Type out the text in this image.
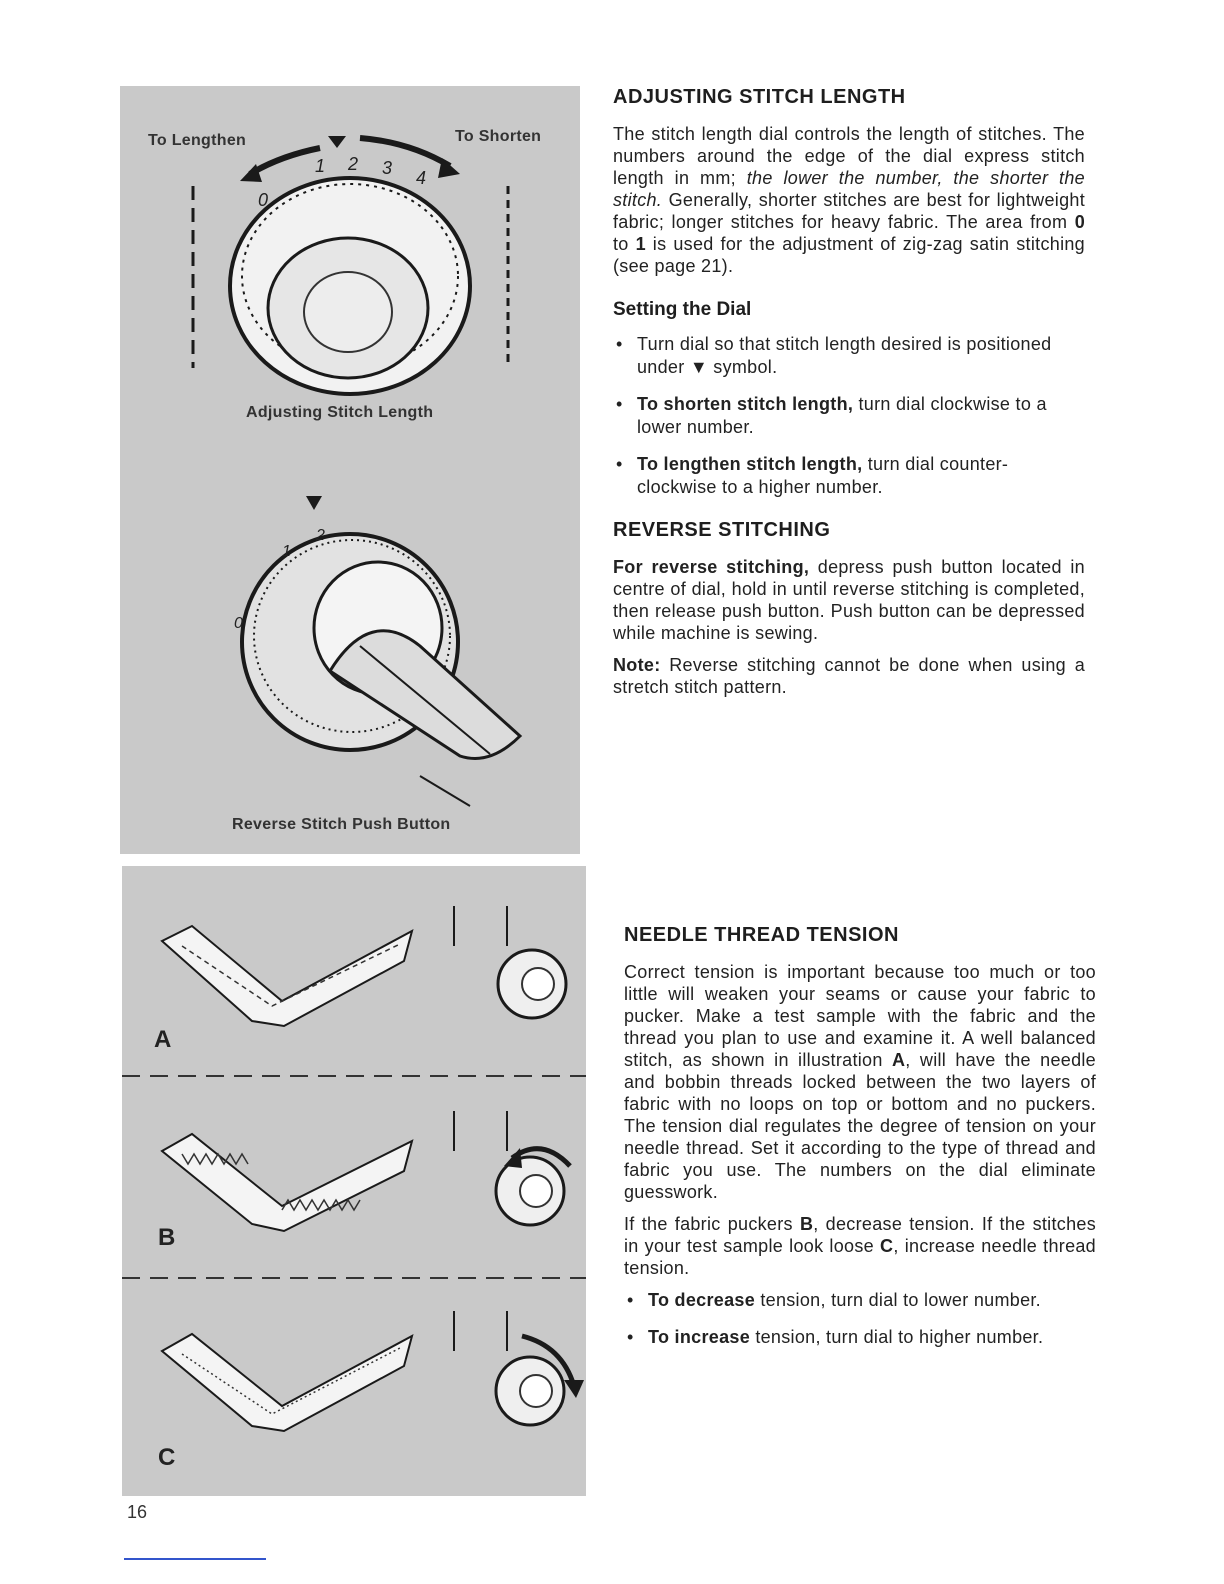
1 2 3 4
0
2
1
0
To Lengthen	To Shorten
Adjusting Stitch Length
Reverse Stitch Push Button
A
B
C
ADJUSTING STITCH LENGTH

The stitch length dial controls the length of stitches. The numbers around the edge of the dial express stitch length in mm; the lower the number, the shorter the stitch. Generally, shorter stitches are best for lightweight fabric; longer stitches for heavy fabric. The area from 0 to 1 is used for the adjustment of zig-zag satin stitching (see page 21).

Setting the Dial
• Turn dial so that stitch length desired is positioned under ▼ symbol.
• To shorten stitch length, turn dial clockwise to a lower number.
• To lengthen stitch length, turn dial counter-clockwise to a higher number.
REVERSE STITCHING

For reverse stitching, depress push button located in centre of dial, hold in until reverse stitching is completed, then release push button. Push button can be depressed while machine is sewing.

Note: Reverse stitching cannot be done when using a stretch stitch pattern.

NEEDLE THREAD TENSION

Correct tension is important because too much or too little will weaken your seams or cause your fabric to pucker. Make a test sample with the fabric and the thread you plan to use and examine it. A well balanced stitch, as shown in illustration A, will have the needle and bobbin threads locked between the two layers of fabric with no loops on top or bottom and no puckers. The tension dial regulates the degree of tension on your needle thread. Set it according to the type of thread and fabric you use. The numbers on the dial eliminate guesswork.

If the fabric puckers B, decrease tension. If the stitches in your test sample look loose C, increase needle thread tension.

• To decrease tension, turn dial to lower number.
• To increase tension, turn dial to higher number.
16
